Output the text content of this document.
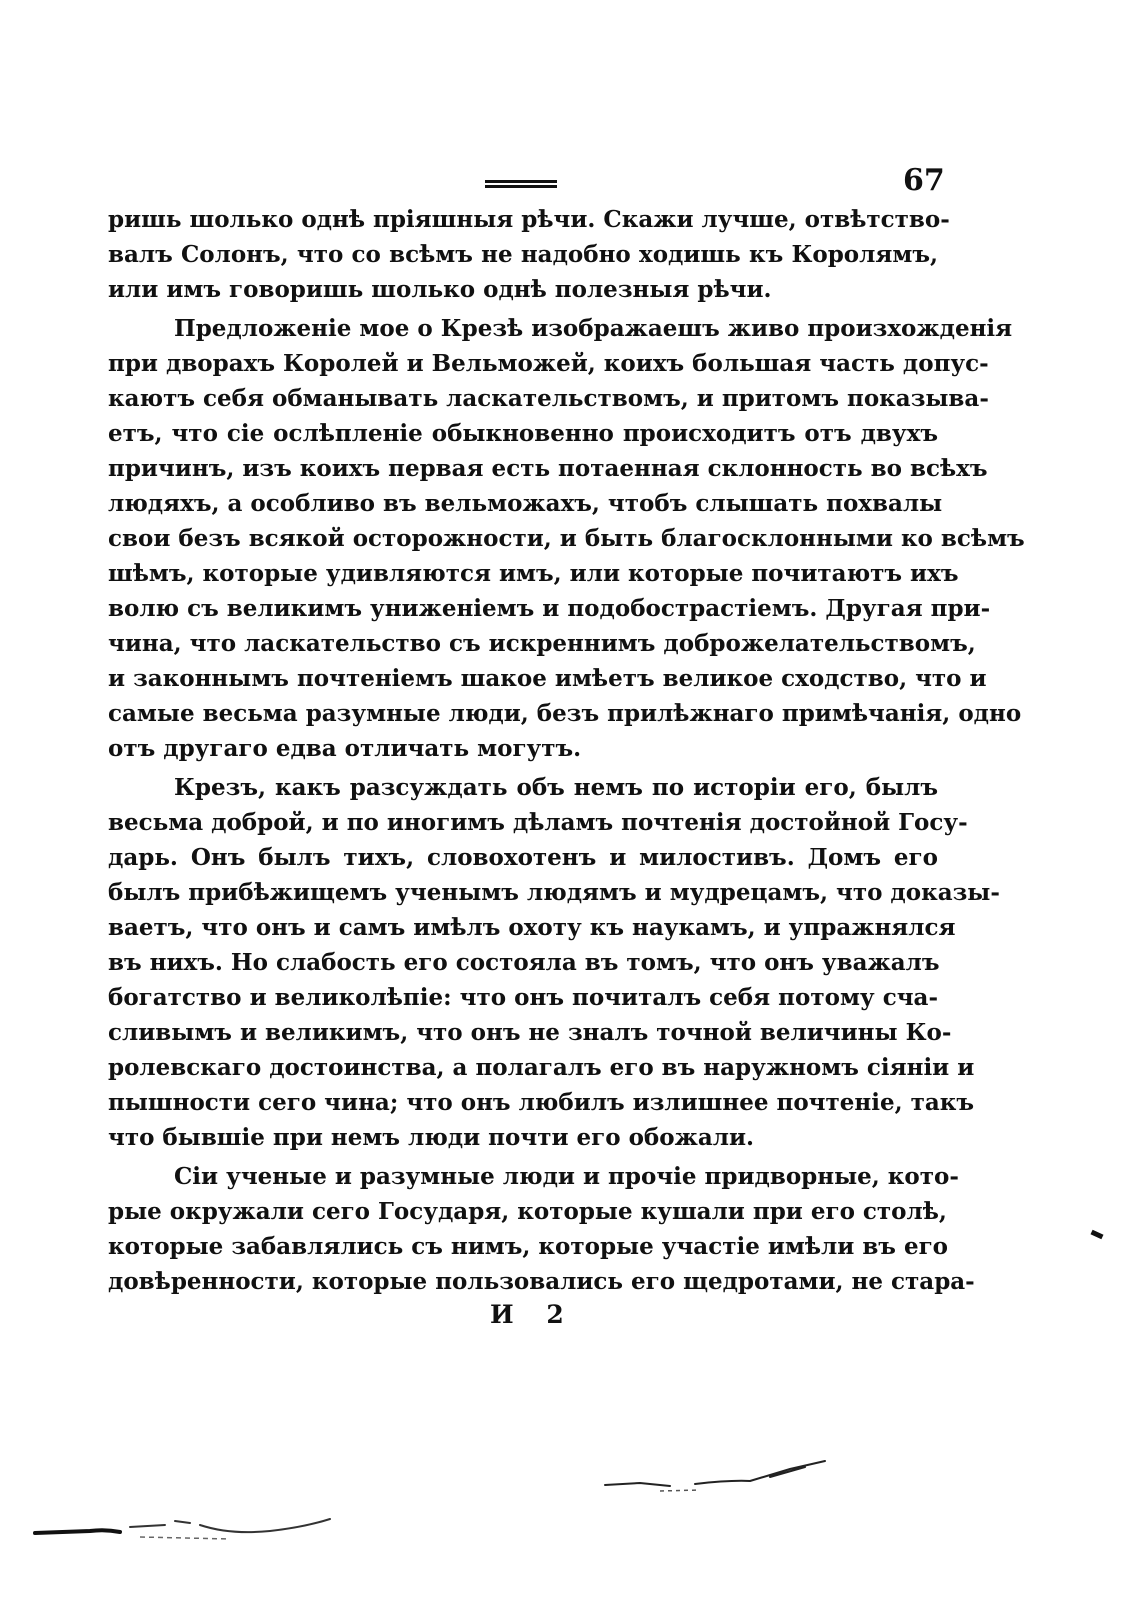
67
ришь шолько однѣ пріяшныя рѣчи. Скажи лучше, отвѣтство-
валъ Солонъ, что со всѣмъ не надобно ходишь къ Королямъ,
или имъ говоришь шолько однѣ полезныя рѣчи.
Предложеніе мое о Крезѣ изображаешъ живо произхожденія
при дворахъ Королей и Вельможей, коихъ большая часть допус-
каютъ себя обманывать ласкательствомъ, и притомъ показыва-
етъ, что сіе ослѣпленіе обыкновенно происходитъ отъ двухъ
причинъ, изъ коихъ первая есть потаенная склонность во всѣхъ
людяхъ, а особливо въ вельможахъ, чтобъ слышать похвалы
свои безъ всякой осторожности, и быть благосклонными ко всѣмъ
шѣмъ, которые удивляются имъ, или которые почитаютъ ихъ
волю съ великимъ униженіемъ и подобострастіемъ. Другая при-
чина, что ласкательство съ искреннимъ доброжелательствомъ,
и законнымъ почтеніемъ шакое имѣетъ великое сходство, что и
самые весьма разумные люди, безъ прилѣжнаго примѣчанія, одно
отъ другаго едва отличать могутъ.
Крезъ, какъ разсуждать объ немъ по исторіи его, былъ
весьма доброй, и по иногимъ дѣламъ почтенія достойной Госу-
дарь. Онъ былъ тихъ, словохотенъ и милостивъ. Домъ его
былъ прибѣжищемъ ученымъ людямъ и мудрецамъ, что доказы-
ваетъ, что онъ и самъ имѣлъ охоту къ наукамъ, и упражнялся
въ нихъ. Но слабость его состояла въ томъ, что онъ уважалъ
богатство и великолѣпіе: что онъ почиталъ себя потому сча-
сливымъ и великимъ, что онъ не зналъ точной величины Ко-
ролевскаго достоинства, а полагалъ его въ наружномъ сіяніи и
пышности сего чина; что онъ любилъ излишнее почтеніе, такъ
что бывшіе при немъ люди почти его обожали.
Сіи ученые и разумные люди и прочіе придворные, кото-
рые окружали сего Государя, которые кушали при его столѣ,
которые забавлялись съ нимъ, которые участіе имѣли въ его
довѣренности, которые пользовались его щедротами, не стара-
И 2
